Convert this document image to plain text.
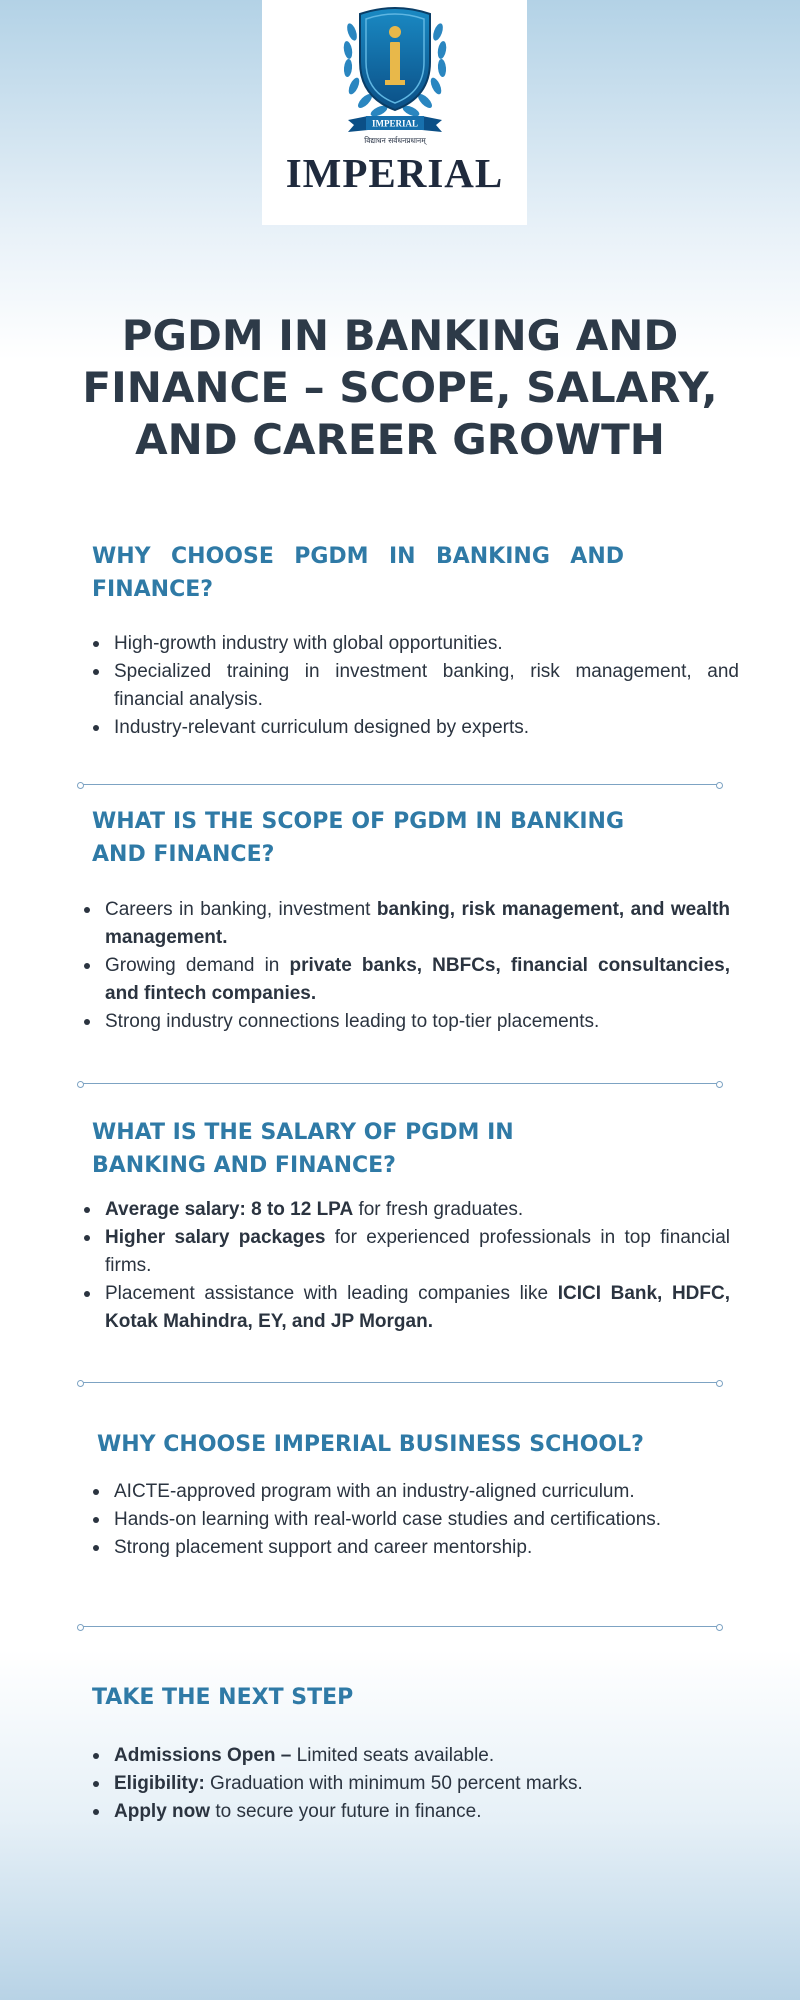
IMPERIAL
विद्याधन सर्वधनप्रधानम्
IMPERIAL
PGDM IN BANKING AND FINANCE – SCOPE, SALARY, AND CAREER GROWTH
WHY CHOOSE PGDM IN BANKING AND FINANCE?
High-growth industry with global opportunities.
Specialized training in investment banking, risk management, and financial analysis.
Industry-relevant curriculum designed by experts.
WHAT IS THE SCOPE OF PGDM IN BANKING AND FINANCE?
Careers in banking, investment banking, risk management, and wealth management.
Growing demand in private banks, NBFCs, financial consultancies, and fintech companies.
Strong industry connections leading to top-tier placements.
WHAT IS THE SALARY OF PGDM IN BANKING AND FINANCE?
Average salary: 8 to 12 LPA for fresh graduates.
Higher salary packages for experienced professionals in top financial firms.
Placement assistance with leading companies like ICICI Bank, HDFC, Kotak Mahindra, EY, and JP Morgan.
WHY CHOOSE IMPERIAL BUSINESS SCHOOL?
AICTE-approved program with an industry-aligned curriculum.
Hands-on learning with real-world case studies and certifications.
Strong placement support and career mentorship.
TAKE THE NEXT STEP
Admissions Open – Limited seats available.
Eligibility: Graduation with minimum 50 percent marks.
Apply now to secure your future in finance.
